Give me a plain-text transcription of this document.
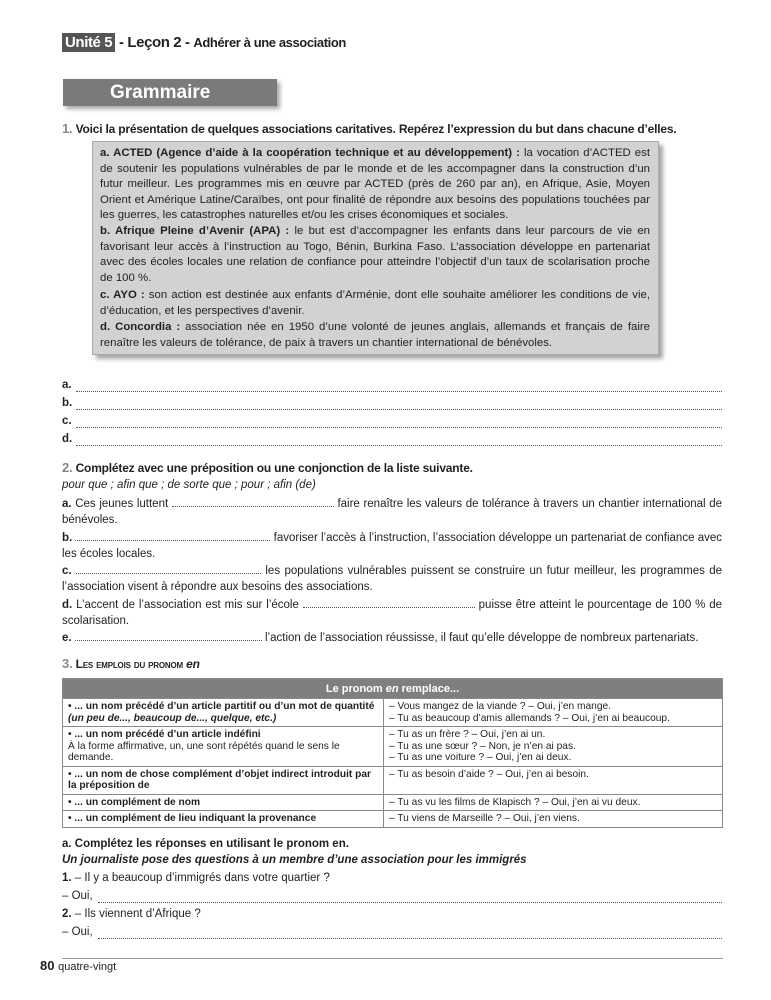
Unité 5 - Leçon 2 - Adhérer à une association
Grammaire
1. Voici la présentation de quelques associations caritatives. Repérez l’expression du but dans chacune d’elles.
a. ACTED (Agence d’aide à la coopération technique et au développement) : la vocation d’ACTED est de soutenir les populations vulnérables de par le monde et de les accompagner dans la construction d’un futur meilleur. Les programmes mis en œuvre par ACTED (près de 260 par an), en Afrique, Asie, Moyen Orient et Amérique Latine/Caraïbes, ont pour finalité de répondre aux besoins des populations touchées par les guerres, les catastrophes naturelles et/ou les crises économiques et sociales.
b. Afrique Pleine d’Avenir (APA) : le but est d’accompagner les enfants dans leur parcours de vie en favorisant leur accès à l’instruction au Togo, Bénin, Burkina Faso. L’association développe en partenariat avec des écoles locales une relation de confiance pour atteindre l’objectif d’un taux de scolarisation proche de 100 %.
c. AYO : son action est destinée aux enfants d’Arménie, dont elle souhaite améliorer les conditions de vie, d’éducation, et les perspectives d’avenir.
d. Concordia : association née en 1950 d’une volonté de jeunes anglais, allemands et français de faire renaître les valeurs de tolérance, de paix à travers un chantier international de bénévoles.
a.
b.
c.
d.
2. Complétez avec une préposition ou une conjonction de la liste suivante.
pour que ; afin que ; de sorte que ; pour ; afin (de)
a. Ces jeunes luttent	faire renaître les valeurs de tolérance à travers un chantier international de bénévoles.
b.	favoriser l’accès à l’instruction, l’association développe un partenariat de confiance avec les écoles locales.
c.	les populations vulnérables puissent se construire un futur meilleur, les programmes de l’association visent à répondre aux besoins des associations.
d. L’accent de l’association est mis sur l’école	puisse être atteint le pourcentage de 100 % de scolarisation.
e.	l’action de l’association réussisse, il faut qu’elle développe de nombreux partenariats.
3. Les emplois du pronom en
Le pronom en remplace...	
• ... un nom précédé d’un article partitif ou d’un mot de quantité
(un peu de..., beaucoup de..., quelque, etc.)	– Vous mangez de la viande ? – Oui, j’en mange.
– Tu as beaucoup d’amis allemands ? – Oui, j’en ai beaucoup.
• ... un nom précédé d’un article indéfini
À la forme affirmative, un, une sont répétés quand le sens le demande.	– Tu as un frère ? – Oui, j’en ai un.
– Tu as une sœur ? – Non, je n’en ai pas.
– Tu as une voiture ? – Oui, j’en ai deux.
• ... un nom de chose complément d’objet indirect introduit par la préposition de	– Tu as besoin d’aide ? – Oui, j’en ai besoin.
• ... un complément de nom	– Tu as vu les films de Klapisch ? – Oui, j’en ai vu deux.
• ... un complément de lieu indiquant la provenance	– Tu viens de Marseille ? – Oui, j’en viens.
a. Complétez les réponses en utilisant le pronom en.
Un journaliste pose des questions à un membre d’une association pour les immigrés
1. – Il y a beaucoup d’immigrés dans votre quartier ?
– Oui,
2. – Ils viennent d’Afrique ?
– Oui,
80 quatre-vingt
